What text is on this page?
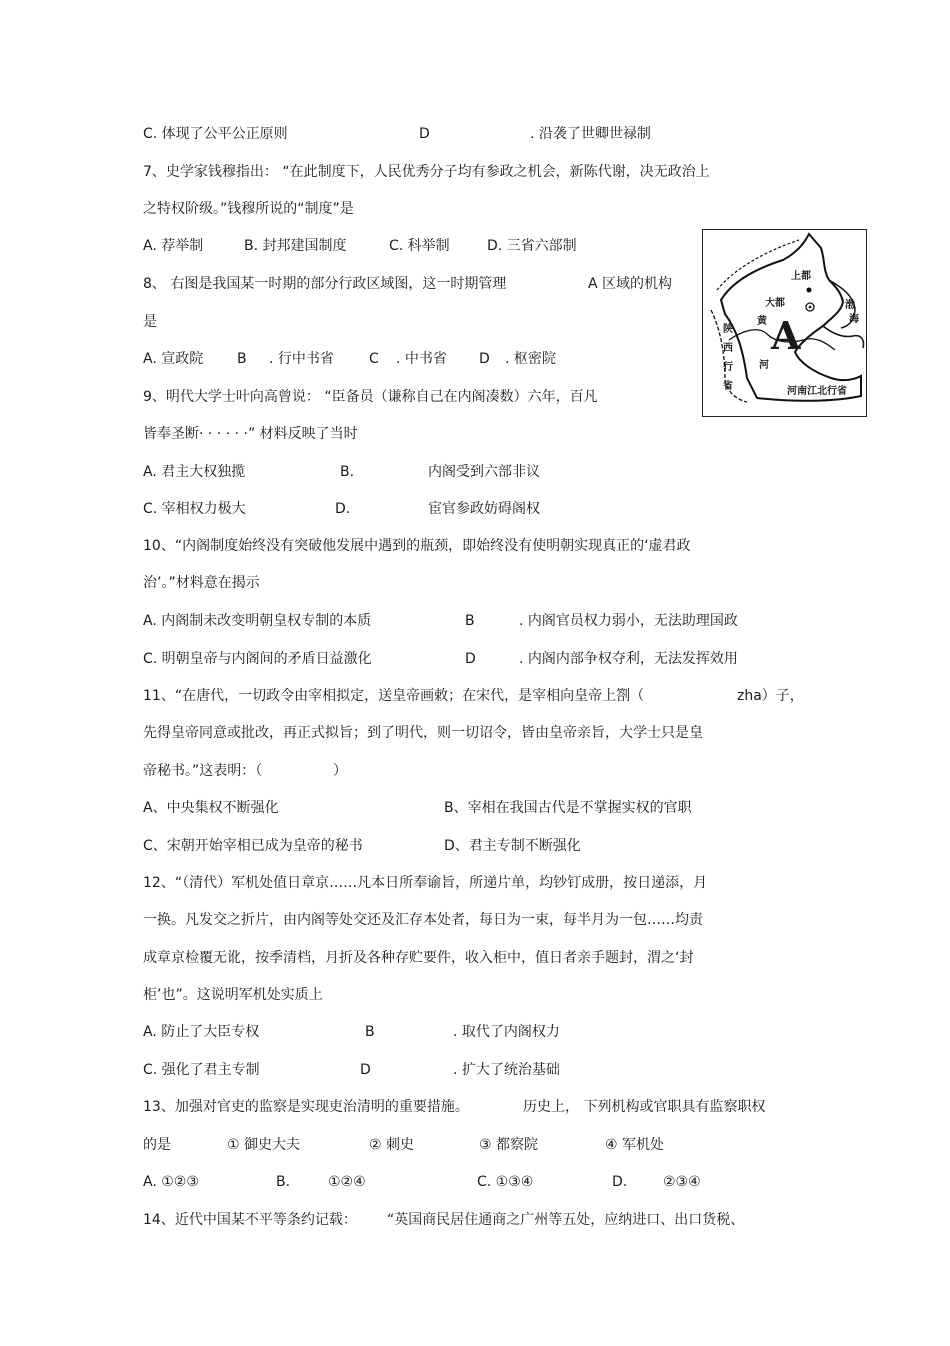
C. 体现了公平公正原则	D	. 沿袭了世卿世禄制
7、史学家钱穆指出： “在此制度下，人民优秀分子均有参政之机会，新陈代谢，决无政治上
之特权阶级。”钱穆所说的“制度”是
A. 荐举制	B. 封邦建国制度	C. 科举制	D. 三省六部制
8、 右图是我国某一时期的部分行政区域图，这一时期管理	A 区域的机构
是
A. 宣政院 B . 行中书省	C . 中书省 D . 枢密院
9、明代大学士叶向高曾说： “臣备员（谦称自己在内阁凑数）六年，百凡
皆奉圣断· · · · · ·” 材料反映了当时
A. 君主大权独揽	B.	内阁受到六部非议
C. 宰相权力极大	D.	宦官参政妨碍阁权
10、“内阁制度始终没有突破他发展中遇到的瓶颈，即始终没有使明朝实现真正的‘虚君政
治’。”材料意在揭示
A. 内阁制未改变明朝皇权专制的本质	B	. 内阁官员权力弱小，无法助理国政
C. 明朝皇帝与内阁间的矛盾日益激化	D	. 内阁内部争权夺利，无法发挥效用
11、“在唐代，一切政令由宰相拟定，送皇帝画敕；在宋代，是宰相向皇帝上劄（	zha）子，
先得皇帝同意或批改，再正式拟旨；到了明代，则一切诏令，皆由皇帝亲旨，大学士只是皇
帝秘书。”这表明：（	）
A、中央集权不断强化	B、宰相在我国古代是不掌握实权的官职
C、宋朝开始宰相已成为皇帝的秘书	D、君主专制不断强化
12、“（清代）军机处值日章京……凡本日所奉谕旨，所递片单，均钞钉成册，按日递添，月
一换。凡发交之折片，由内阁等处交还及汇存本处者，每日为一束，每半月为一包……均责
成章京检覆无讹，按季清档，月折及各种存贮要件，收入柜中，值日者亲手题封，渭之‘封
柜’也”。这说明军机处实质上
A. 防止了大臣专权	B	. 取代了内阁权力
C. 强化了君主专制	D	. 扩大了统治基础
13、加强对官吏的监察是实现吏治清明的重要措施。	历史上， 下列机构或官职具有监察职权
的是	① 御史大夫	② 刺史	③ 都察院	④ 军机处
A. ①②③	B.	①②④	C. ①③④	D.	②③④
14、近代中国某不平等条约记载： “英国商民居住通商之广州等五处，应纳进口、出口货税、
上都
大都	渤
海
黄
河
A
陕
西
行
省	河南江北行省
